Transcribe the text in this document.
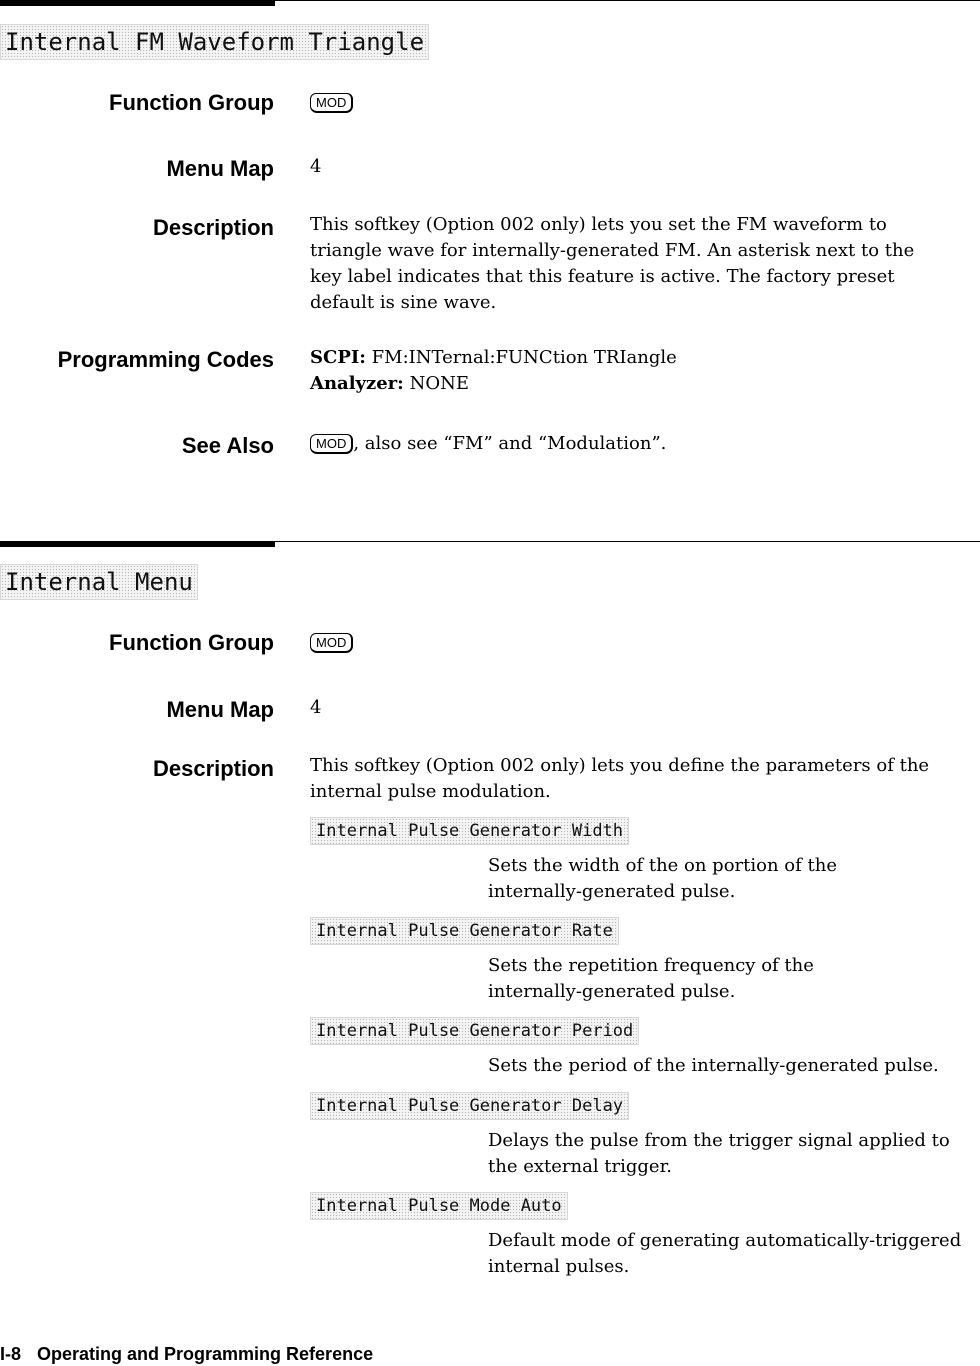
Internal FM Waveform Triangle
Function Group	MOD
Menu Map 4
Description This softkey (Option 002 only) lets you set the FM waveform to
triangle wave for internally-generated FM. An asterisk next to the
key label indicates that this feature is active. The factory preset
default is sine wave.
Programming Codes SCPI: FM:INTernal:FUNCtion TRIangle
Analyzer: NONE
See Also	MOD , also see “FM” and “Modulation”.
Internal Menu
Function Group	MOD
Menu Map 4
Description This softkey (Option 002 only) lets you define the parameters of the
internal pulse modulation.
Internal Pulse Generator Width
Sets the width of the on portion of the
internally-generated pulse.
Internal Pulse Generator Rate
Sets the repetition frequency of the
internally-generated pulse.
Internal Pulse Generator Period
Sets the period of the internally-generated pulse.
Internal Pulse Generator Delay
Delays the pulse from the trigger signal applied to
the external trigger.
Internal Pulse Mode Auto
Default mode of generating automatically-triggered
internal pulses.
I-8 Operating and Programming Reference
